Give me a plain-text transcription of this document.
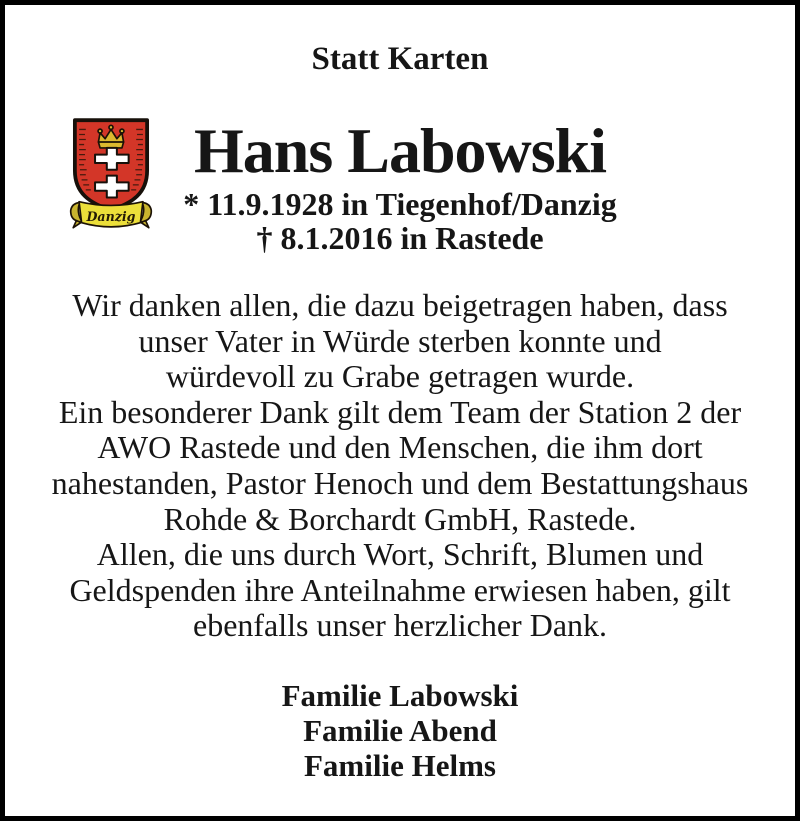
Statt Karten
Danzig
Hans Labowski
* 11.9.1928 in Tiegenhof/Danzig
† 8.1.2016 in Rastede
Wir danken allen, die dazu beigetragen haben, dass
unser Vater in Würde sterben konnte und
würdevoll zu Grabe getragen wurde.
Ein besonderer Dank gilt dem Team der Station 2 der
AWO Rastede und den Menschen, die ihm dort
nahestanden, Pastor Henoch und dem Bestattungshaus
Rohde & Borchardt GmbH, Rastede.
Allen, die uns durch Wort, Schrift, Blumen und
Geldspenden ihre Anteilnahme erwiesen haben, gilt
ebenfalls unser herzlicher Dank.
Familie Labowski
Familie Abend
Familie Helms
